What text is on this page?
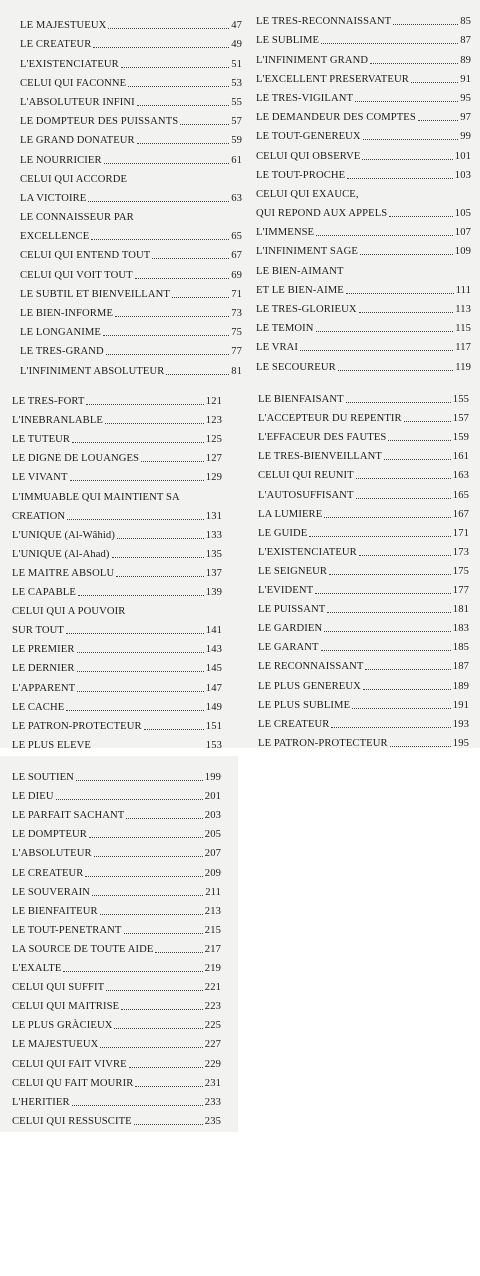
LE MAJESTUEUX	47
LE CREATEUR	49
L'EXISTENCIATEUR	51
CELUI QUI FACONNE	53
L'ABSOLUTEUR INFINI	55
LE DOMPTEUR DES PUISSANTS	57
LE GRAND DONATEUR	59
LE NOURRICIER	61
CELUI QUI ACCORDE
LA VICTOIRE	63
LE CONNAISSEUR PAR
EXCELLENCE	65
CELUI QUI ENTEND TOUT	67
CELUI QUI VOIT TOUT	69
LE SUBTIL ET BIENVEILLANT	71
LE BIEN-INFORME	73
LE LONGANIME	75
LE TRES-GRAND	77
L'INFINIMENT ABSOLUTEUR	81
LE TRES-RECONNAISSANT	85
LE SUBLIME	87
L'INFINIMENT GRAND	89
L'EXCELLENT PRESERVATEUR	91
LE TRES-VIGILANT	95
LE DEMANDEUR DES COMPTES	97
LE TOUT-GENEREUX	99
CELUI QUI OBSERVE	101
LE TOUT-PROCHE	103
CELUI QUI EXAUCE,
QUI REPOND AUX APPELS	105
L'IMMENSE	107
L'INFINIMENT SAGE	109
LE BIEN-AIMANT
ET LE BIEN-AIME	111
LE TRES-GLORIEUX	113
LE TEMOIN	115
LE VRAI	117
LE SECOUREUR	119
LE TRES-FORT	121
L'INEBRANLABLE	123
LE TUTEUR	125
LE DIGNE DE LOUANGES	127
LE VIVANT	129
L'IMMUABLE QUI MAINTIENT SA
CREATION	131
L'UNIQUE (Al-Wâhid)	133
L'UNIQUE (Al-Ahad)	135
LE MAITRE ABSOLU	137
LE CAPABLE	139
CELUI QUI A POUVOIR
SUR TOUT	141
LE PREMIER	143
LE DERNIER	145
L'APPARENT	147
LE CACHE	149
LE PATRON-PROTECTEUR	151
LE PLUS ELEVE	153
LE BIENFAISANT	155
L'ACCEPTEUR DU REPENTIR	157
L'EFFACEUR DES FAUTES	159
LE TRES-BIENVEILLANT	161
CELUI QUI REUNIT	163
L'AUTOSUFFISANT	165
LA LUMIERE	167
LE GUIDE	171
L'EXISTENCIATEUR	173
LE SEIGNEUR	175
L'EVIDENT	177
LE PUISSANT	181
LE GARDIEN	183
LE GARANT	185
LE RECONNAISSANT	187
LE PLUS GENEREUX	189
LE PLUS SUBLIME	191
LE CREATEUR	193
LE PATRON-PROTECTEUR	195
LE SOUTIEN	199
LE DIEU	201
LE PARFAIT SACHANT	203
LE DOMPTEUR	205
L'ABSOLUTEUR	207
LE CREATEUR	209
LE SOUVERAIN	211
LE BIENFAITEUR	213
LE TOUT-PENETRANT	215
LA SOURCE DE TOUTE AIDE	217
L'EXALTE	219
CELUI QUI SUFFIT	221
CELUI QUI MAITRISE	223
LE PLUS GRÀCIEUX	225
LE MAJESTUEUX	227
CELUI QUI FAIT VIVRE	229
CELUI QU FAIT MOURIR	231
L'HERITIER	233
CELUI QUI RESSUSCITE	235
